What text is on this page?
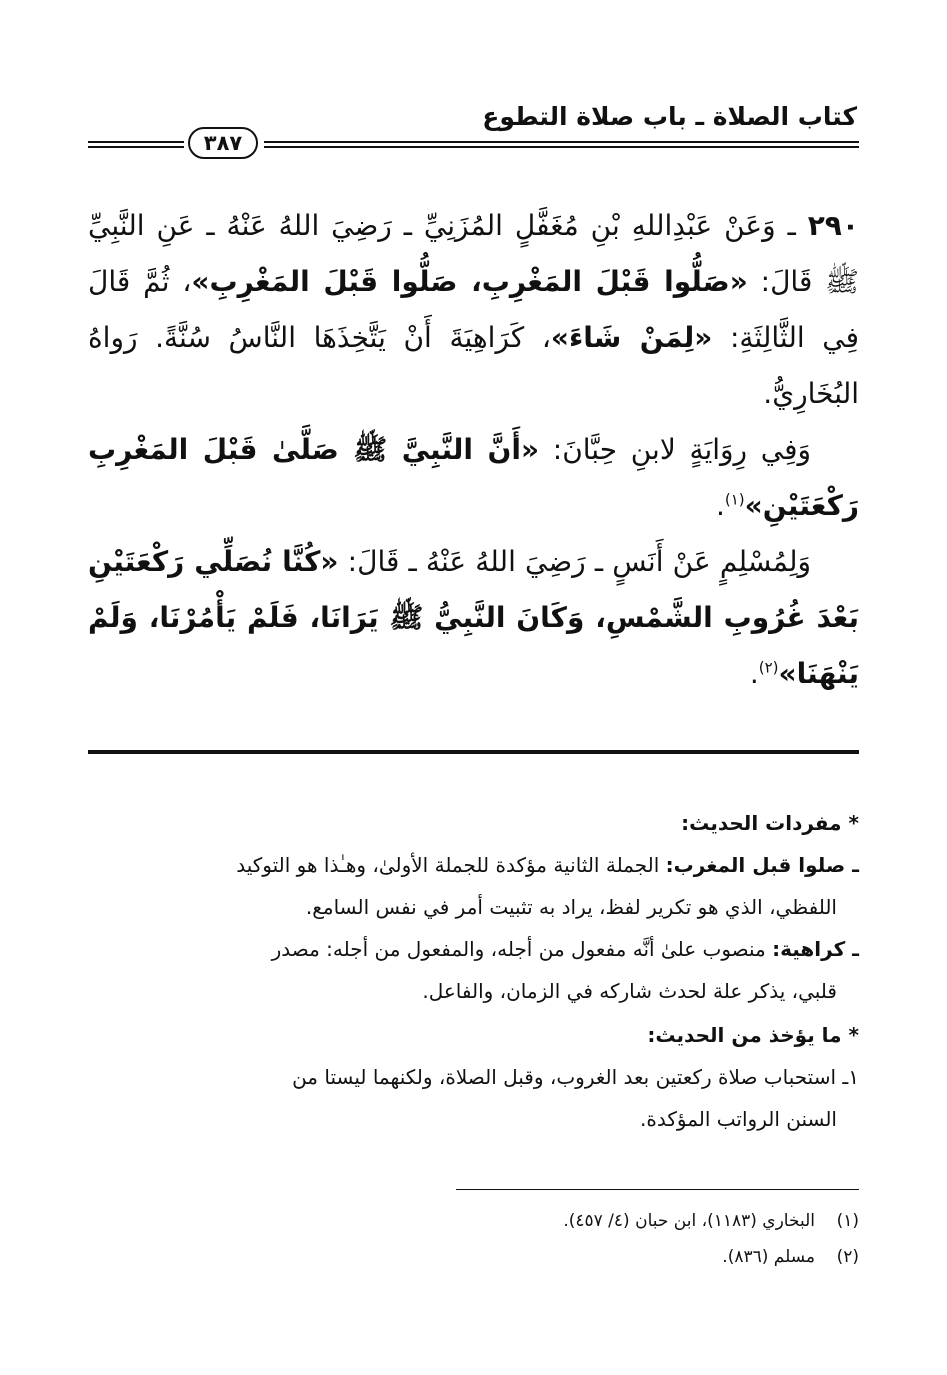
كتاب الصلاة ـ باب صلاة التطوع
٣٨٧

٢٩٠ ـ وَعَنْ عَبْدِاللهِ بْنِ مُغَفَّلٍ المُزَنِيِّ ـ رَضِيَ اللهُ عَنْهُ ـ عَنِ النَّبِيِّ ﷺ قَالَ: «صَلُّوا قَبْلَ المَغْرِبِ، صَلُّوا قَبْلَ المَغْرِبِ»، ثُمَّ قَالَ فِي الثَّالِثَةِ: «لِمَنْ شَاءَ»، كَرَاهِيَةَ أَنْ يَتَّخِذَهَا النَّاسُ سُنَّةً. رَواهُ البُخَارِيُّ.

وَفِي رِوَايَةٍ لابنِ حِبَّانَ: «أَنَّ النَّبِيَّ ﷺ صَلَّىٰ قَبْلَ المَغْرِبِ رَكْعَتَيْنِ»$^{(١)}$.

وَلِمُسْلِمٍ عَنْ أَنَسٍ ـ رَضِيَ اللهُ عَنْهُ ـ قَالَ: «كُنَّا نُصَلِّي رَكْعَتَيْنِ بَعْدَ غُرُوبِ الشَّمْسِ، وَكَانَ النَّبِيُّ ﷺ يَرَانَا، فَلَمْ يَأْمُرْنَا، وَلَمْ يَنْهَنَا»$^{(٢)}$.

* مفردات الحديث:

ـ صلوا قبل المغرب: الجملة الثانية مؤكدة للجملة الأولىٰ، وهـٰذا هو التوكيد

اللفظي، الذي هو تكرير لفظ، يراد به تثبيت أمر في نفس السامع.

ـ كراهية: منصوب علىٰ أنَّه مفعول من أجله، والمفعول من أجله: مصدر

قلبي، يذكر علة لحدث شاركه في الزمان، والفاعل.

* ما يؤخذ من الحديث:

١ـ استحباب صلاة ركعتين بعد الغروب، وقبل الصلاة، ولكنهما ليستا من

السنن الرواتب المؤكدة.

(١)البخاري (١١٨٣)، ابن حبان (٤/ ٤٥٧).

(٢)مسلم (٨٣٦).
